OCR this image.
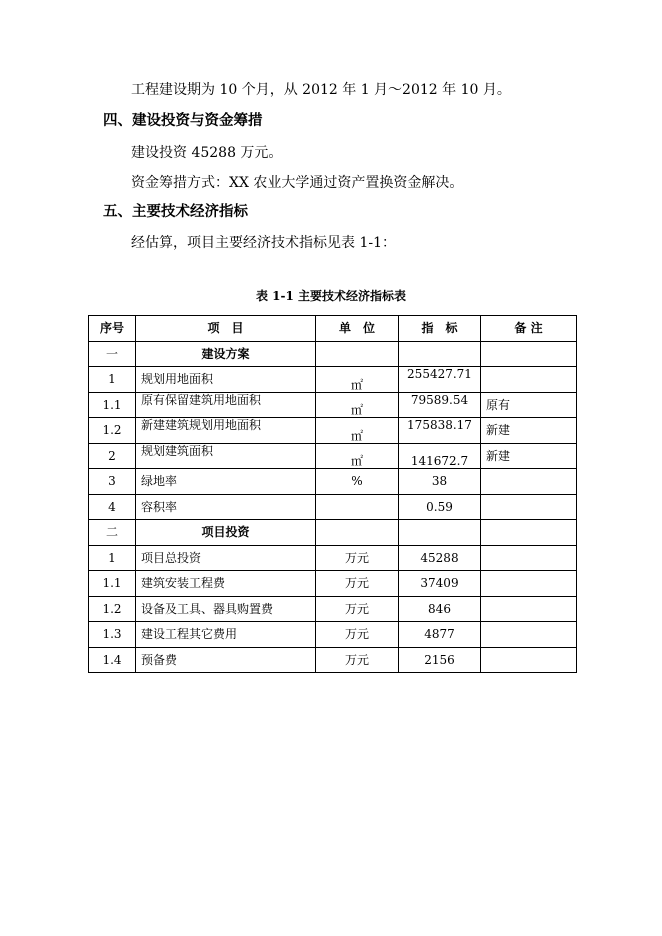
工程建设期为 10 个月，从 2012 年 1 月～2012 年 10 月。
四、建设投资与资金筹措
建设投资 45288 万元。
资金筹措方式：XX 农业大学通过资产置换资金解决。
五、主要技术经济指标
经估算，项目主要经济技术指标见表 1-1：
表 1-1 主要技术经济指标表
序号	项　目	单　位	指　标	备 注
一	建设方案			
1	规划用地面积	㎡	255427.71	
1.1	原有保留建筑用地面积	㎡	79589.54	原有
1.2	新建建筑规划用地面积	㎡	175838.17	新建
2	规划建筑面积	㎡	141672.7	新建
3	绿地率	%	38	
4	容积率		0.59	
二	项目投资			
1	项目总投资	万元	45288	
1.1	建筑安装工程费	万元	37409	
1.2	设备及工具、器具购置费	万元	846	
1.3	建设工程其它费用	万元	4877	
1.4	预备费	万元	2156	
